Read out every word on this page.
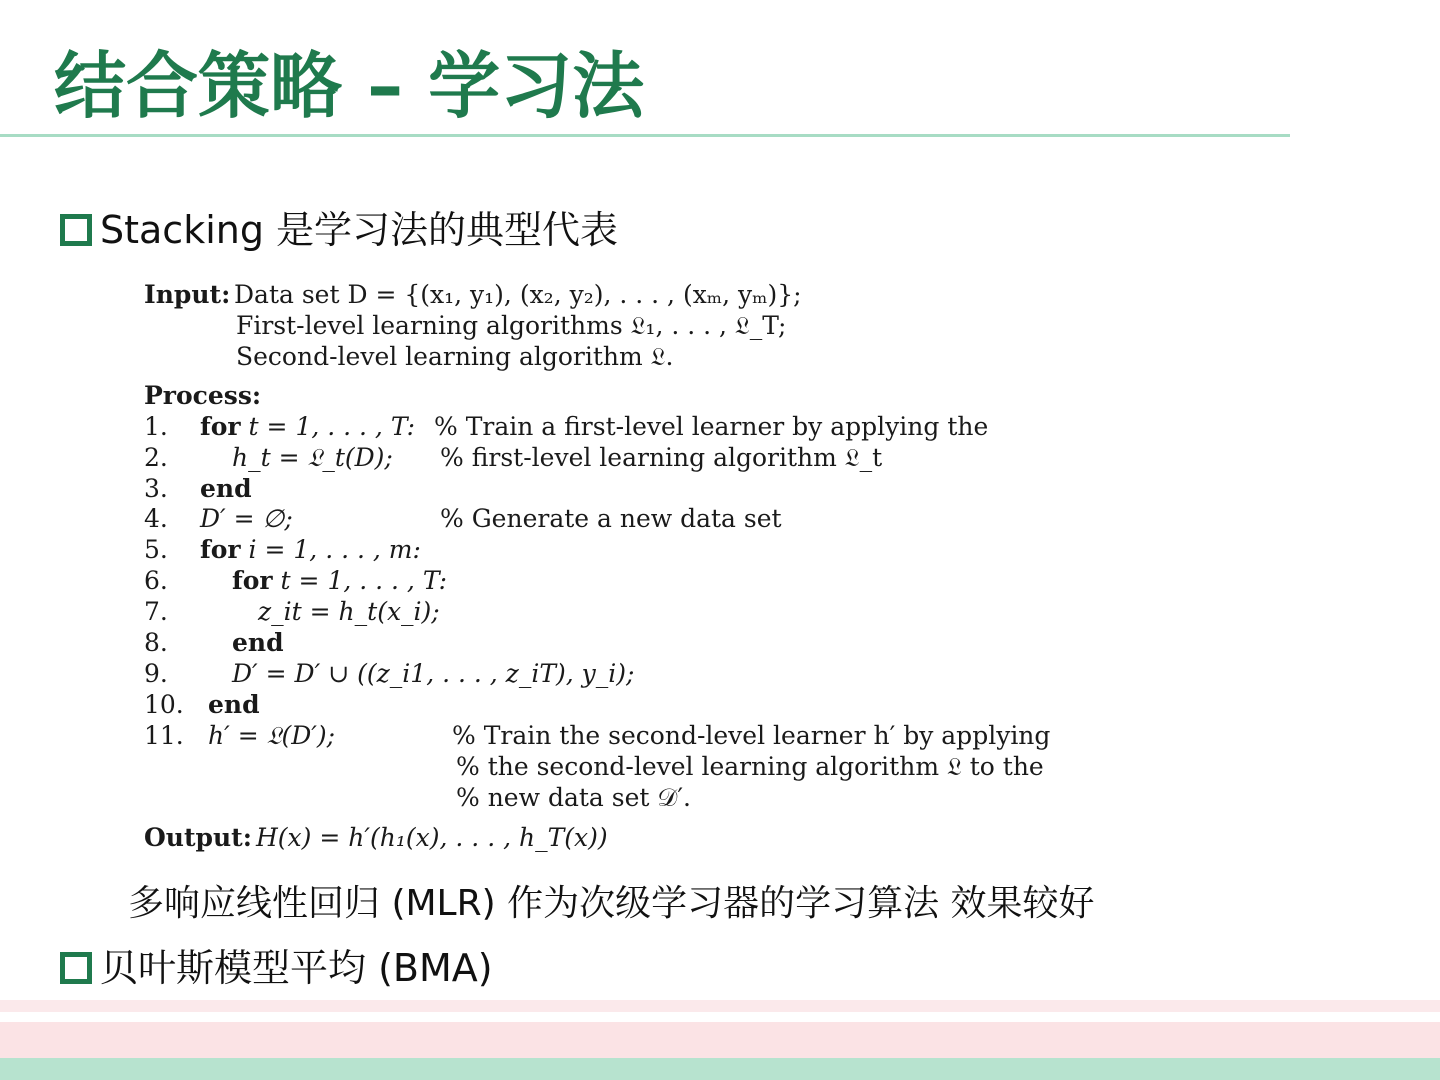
结合策略 – 学习法
Stacking 是学习法的典型代表
Input: Data set D = {(x₁, y₁), (x₂, y₂), . . . , (xₘ, yₘ)};
First-level learning algorithms 𝔏₁, . . . , 𝔏_T;
Second-level learning algorithm 𝔏.
Process:
1. for t = 1, . . . , T: % Train a first-level learner by applying the
2.	h_t = 𝔏_t(D); % first-level learning algorithm 𝔏_t
3. end
4. D′ = ∅;	% Generate a new data set
5. for i = 1, . . . , m:
6.	for t = 1, . . . , T:
7.	z_it = h_t(x_i);
8.	end
9.	D′ = D′ ∪ ((z_i1, . . . , z_iT), y_i);
10. end
11. h′ = 𝔏(D′);	% Train the second-level learner h′ by applying
% the second-level learning algorithm 𝔏 to the
% new data set 𝒟′.
Output: H(x) = h′(h₁(x), . . . , h_T(x))
多响应线性回归 (MLR) 作为次级学习器的学习算法 效果较好
贝叶斯模型平均 (BMA)
